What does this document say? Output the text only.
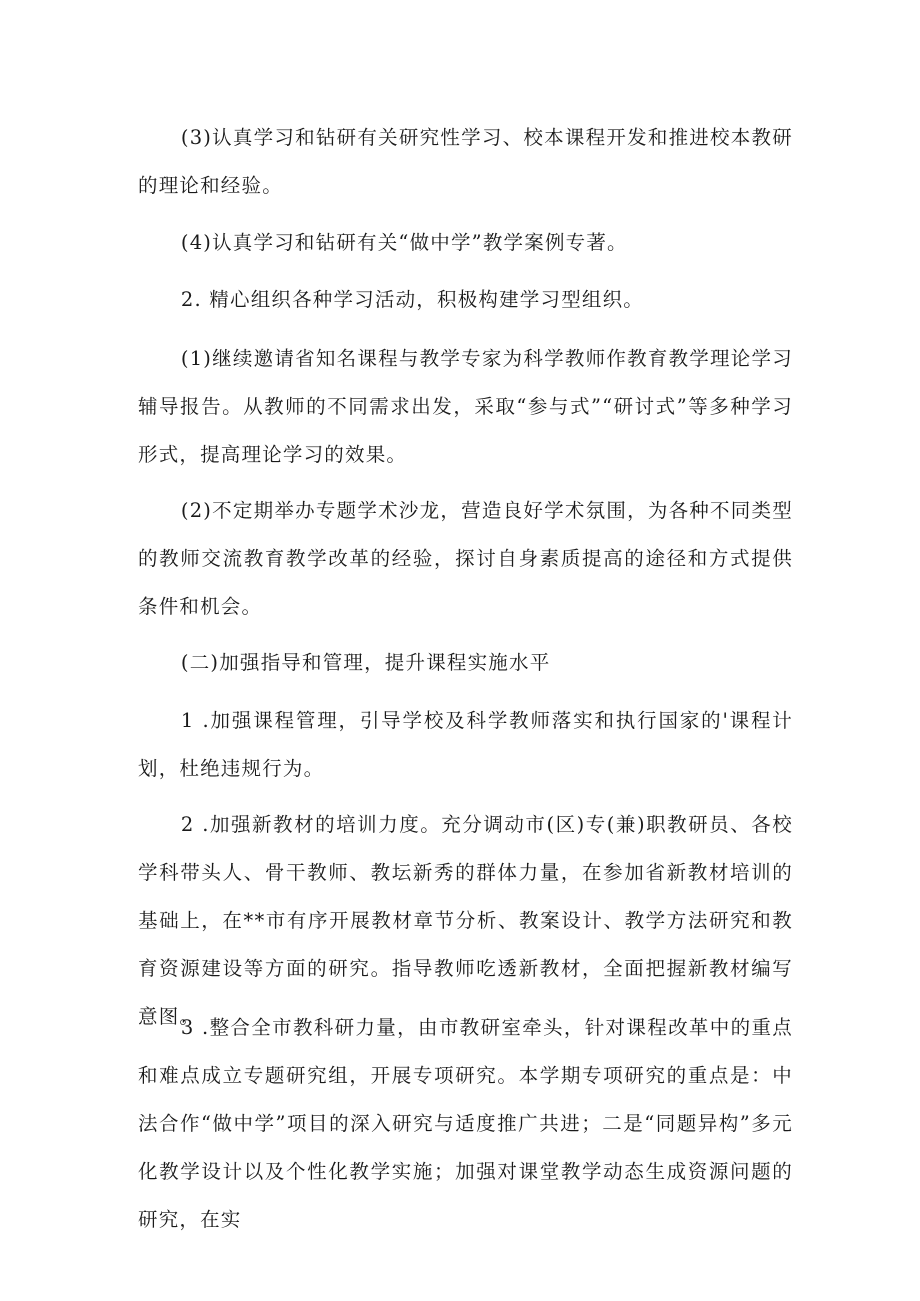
(3)认真学习和钻研有关研究性学习、校本课程开发和推进校本教研的理论和经验。

(4)认真学习和钻研有关“做中学”教学案例专著。

2. 精心组织各种学习活动，积极构建学习型组织。

(1)继续邀请省知名课程与教学专家为科学教师作教育教学理论学习辅导报告。从教师的不同需求出发，采取“参与式”“研讨式”等多种学习形式，提高理论学习的效果。

(2)不定期举办专题学术沙龙，营造良好学术氛围，为各种不同类型的教师交流教育教学改革的经验，探讨自身素质提高的途径和方式提供条件和机会。

(二)加强指导和管理，提升课程实施水平

1 .加强课程管理，引导学校及科学教师落实和执行国家的'课程计划，杜绝违规行为。

2 .加强新教材的培训力度。充分调动市(区)专(兼)职教研员、各校学科带头人、骨干教师、教坛新秀的群体力量，在参加省新教材培训的基础上，在**市有序开展教材章节分析、教案设计、教学方法研究和教育资源建设等方面的研究。指导教师吃透新教材，全面把握新教材编写意图。

3 .整合全市教科研力量，由市教研室牵头，针对课程改革中的重点和难点成立专题研究组，开展专项研究。本学期专项研究的重点是：中法合作“做中学”项目的深入研究与适度推广共进；二是“同题异构”多元化教学设计以及个性化教学实施；加强对课堂教学动态生成资源问题的研究，在实
